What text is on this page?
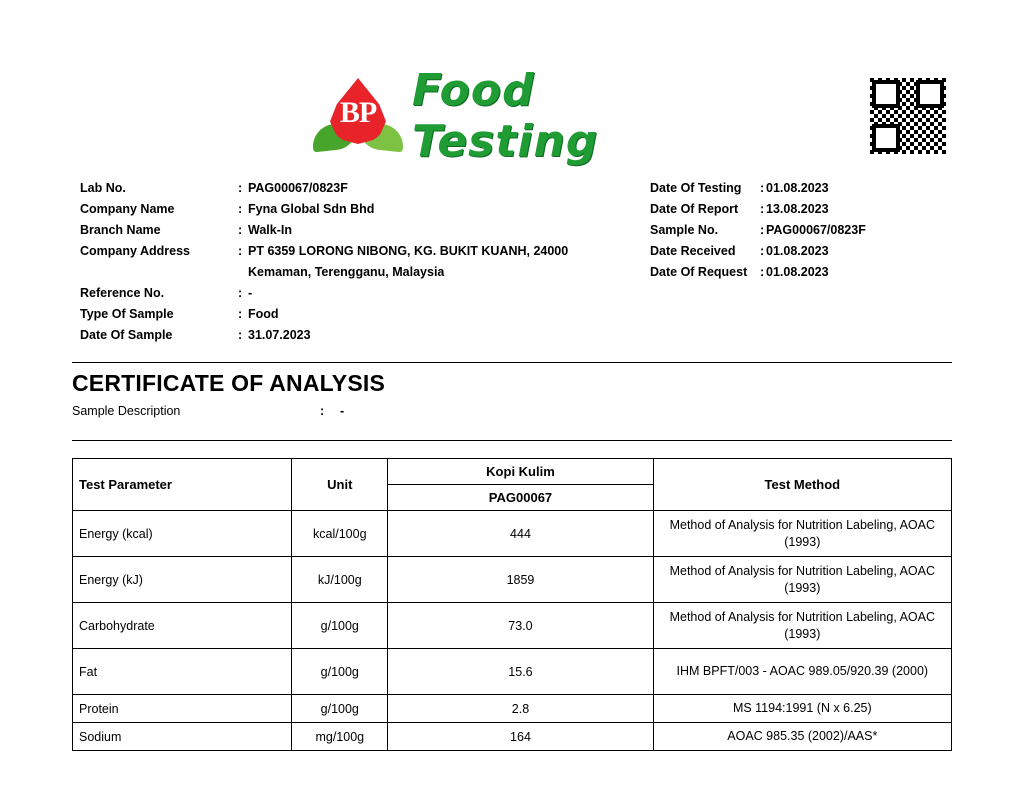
BP Food Testing
Lab No.	: PAG00067/0823F
Company Name	: Fyna Global Sdn Bhd
Branch Name	: Walk-In
Company Address	: PT 6359 LORONG NIBONG, KG. BUKIT KUANH, 24000
Kemaman, Terengganu, Malaysia
Reference No.	: -
Type Of Sample	: Food
Date Of Sample	: 31.07.2023
Date Of Testing	: 01.08.2023
Date Of Report	: 13.08.2023
Sample No.	: PAG00067/0823F
Date Received	: 01.08.2023
Date Of Request	: 01.08.2023
CERTIFICATE OF ANALYSIS
Sample Description	:	-
Test Parameter	Unit	Kopi Kulim	Test Method
		PAG00067	
Energy (kcal)	kcal/100g	444	Method of Analysis for Nutrition Labeling, AOAC (1993)
Energy (kJ)	kJ/100g	1859	Method of Analysis for Nutrition Labeling, AOAC (1993)
Carbohydrate	g/100g	73.0	Method of Analysis for Nutrition Labeling, AOAC (1993)
Fat	g/100g	15.6	IHM BPFT/003 - AOAC 989.05/920.39 (2000)
Protein	g/100g	2.8	MS 1194:1991 (N x 6.25)
Sodium	mg/100g	164	AOAC 985.35 (2002)/AAS*
